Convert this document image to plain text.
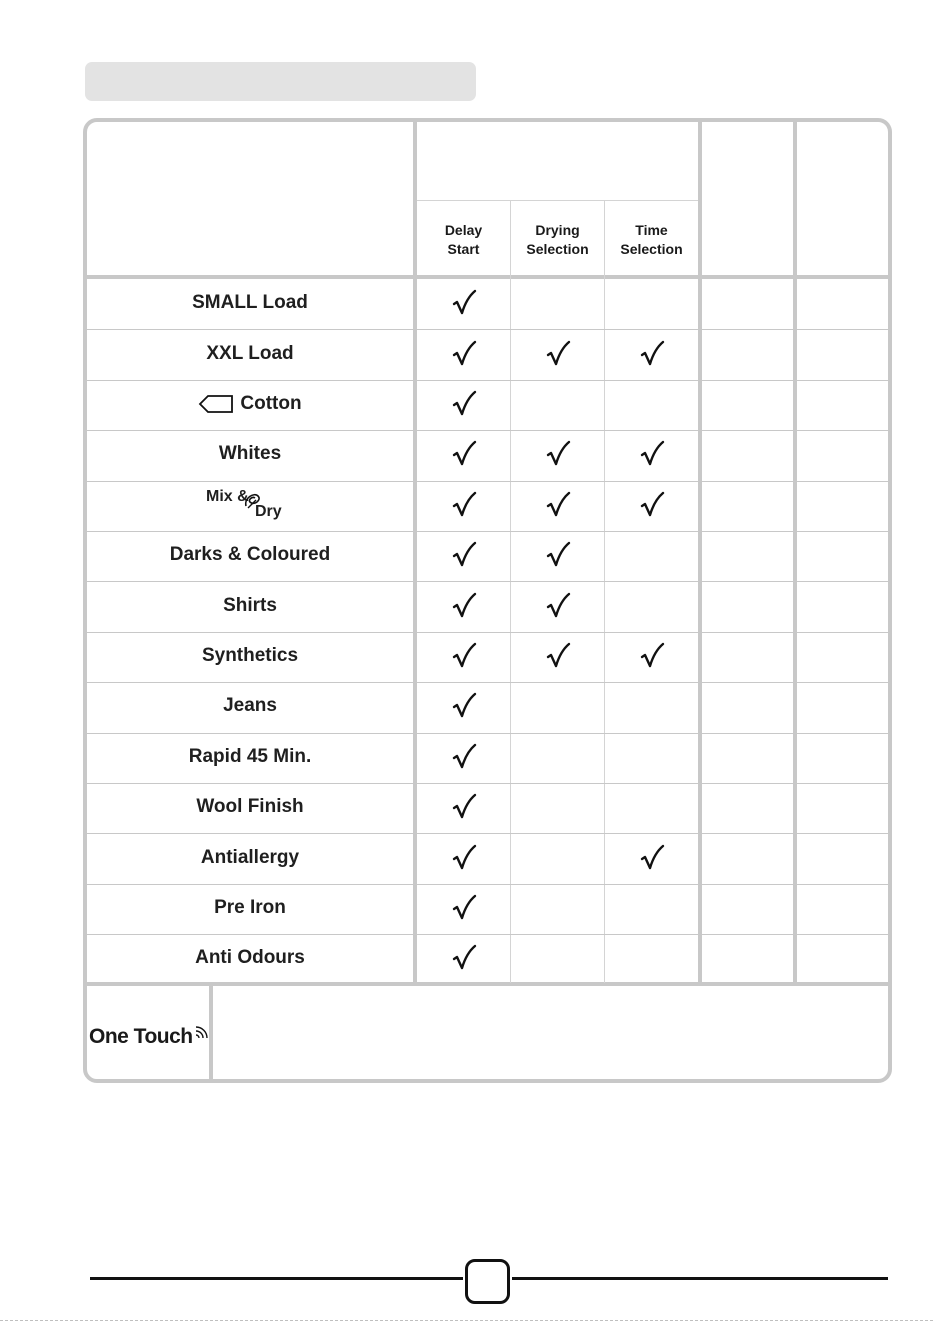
Delay
Start
Drying
Selection
Time
Selection
SMALL Load
XXL Load
Cotton
Whites
Mix &
Dry
Darks & Coloured
Shirts
Synthetics
Jeans
Rapid 45 Min.
Wool Finish
Antiallergy
Pre Iron
Anti Odours
One Touch
